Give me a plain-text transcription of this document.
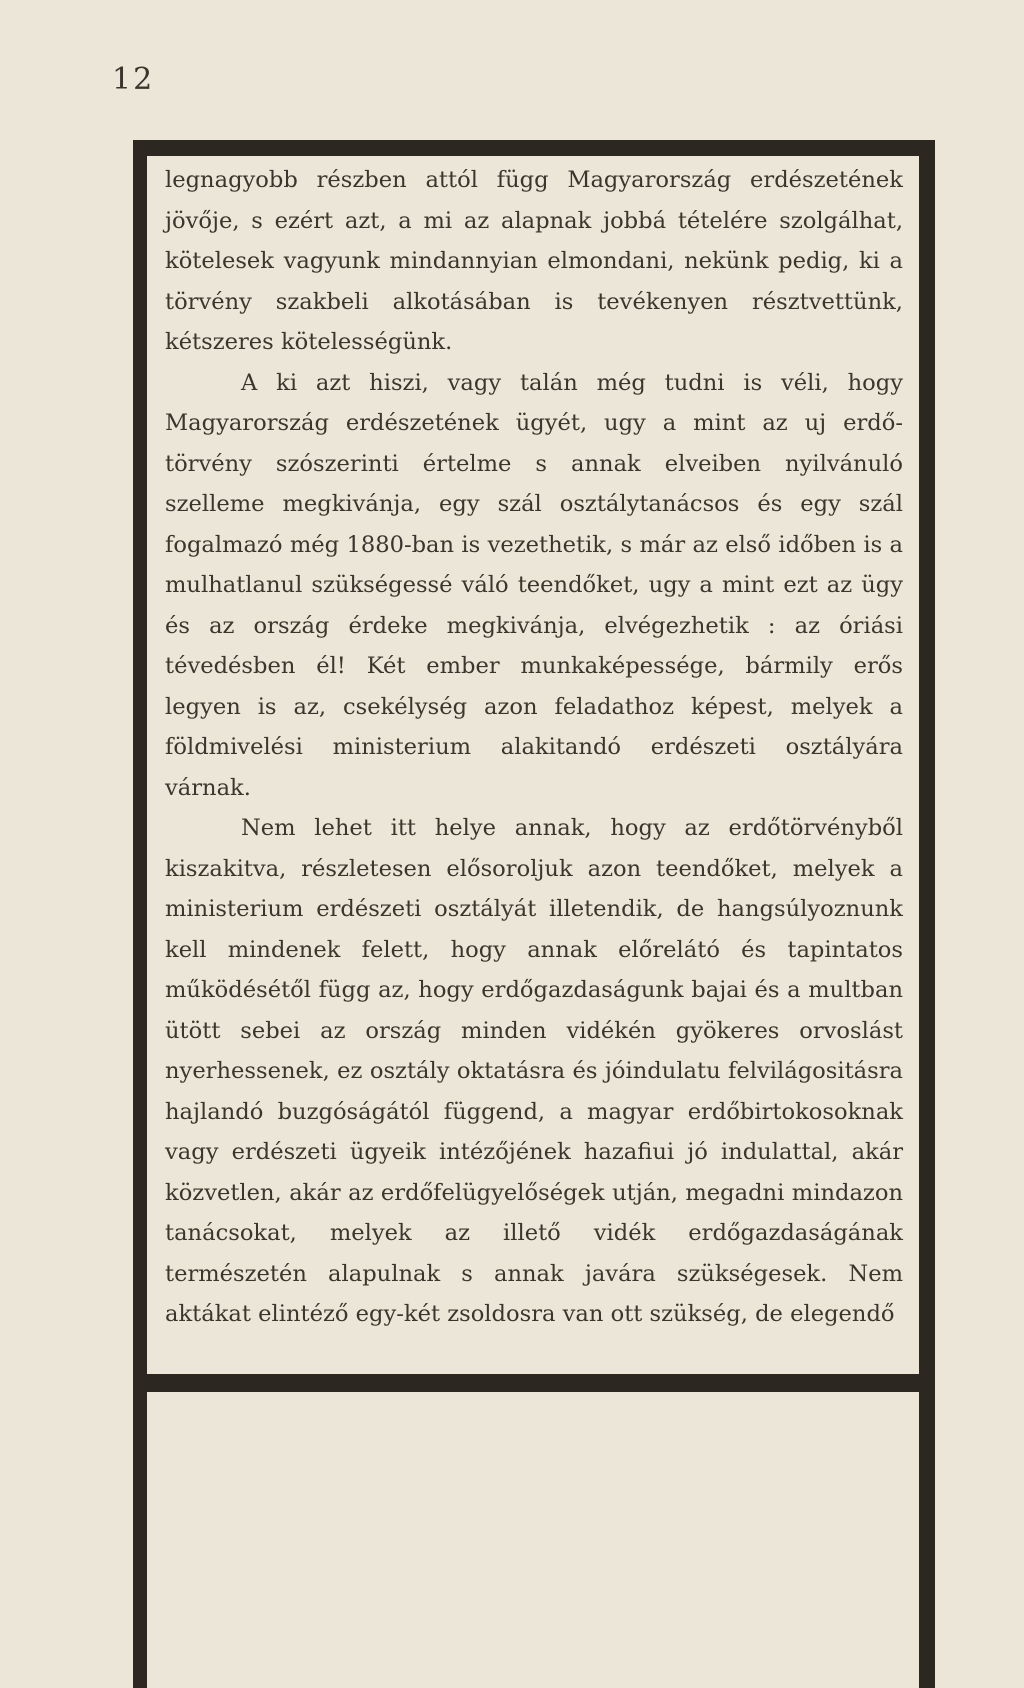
12

legnagyobb részben attól függ Magyarország erdészetének jövője, s ezért azt, a mi az alapnak jobbá tételére szolgálhat, kötelesek vagyunk mindannyian elmondani, nekünk pedig, ki a törvény szakbeli alkotásában is tevékenyen résztvettünk, kétszeres kötelességünk.

A ki azt hiszi, vagy talán még tudni is véli, hogy Magyarország erdészetének ügyét, ugy a mint az uj erdőtörvény szószerinti értelme s annak elveiben nyilvánuló szelleme megkivánja, egy szál osztálytanácsos és egy szál fogalmazó még 1880-ban is vezethetik, s már az első időben is a mulhatlanul szükségessé váló teendőket, ugy a mint ezt az ügy és az ország érdeke megkivánja, elvégezhetik : az óriási tévedésben él! Két ember munkaképessége, bármily erős legyen is az, csekélység azon feladathoz képest, melyek a földmivelési ministerium alakitandó erdészeti osztályára várnak.

Nem lehet itt helye annak, hogy az erdőtörvényből kiszakitva, részletesen elősoroljuk azon teendőket, melyek a ministerium erdészeti osztályát illetendik, de hangsúlyoznunk kell mindenek felett, hogy annak előrelátó és tapintatos működésétől függ az, hogy erdőgazdaságunk bajai és a multban ütött sebei az ország minden vidékén gyökeres orvoslást nyerhessenek, ez osztály oktatásra és jóindulatu felvilágositásra hajlandó buzgóságától függend, a magyar erdőbirtokosoknak vagy erdészeti ügyeik intézőjének hazafiui jó indulattal, akár közvetlen, akár az erdőfelügyelőségek utján, megadni mindazon tanácsokat, melyek az illető vidék erdőgazdaságának természetén alapulnak s annak javára szükségesek. Nem aktákat elintéző egy-két zsoldosra van ott szükség, de elegendő
